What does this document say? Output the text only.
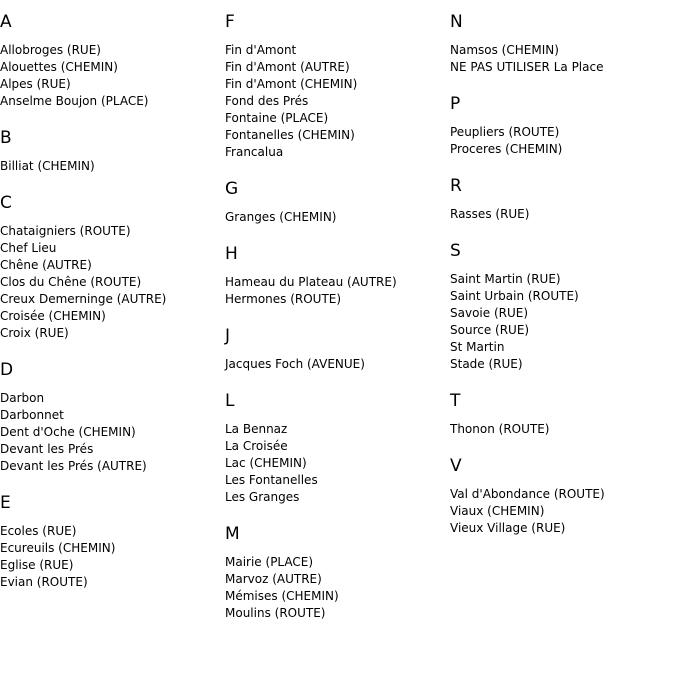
A
Allobroges (RUE)
Alouettes (CHEMIN)
Alpes (RUE)
Anselme Boujon (PLACE)
B
Billiat (CHEMIN)
C
Chataigniers (ROUTE)
Chef Lieu
Chêne (AUTRE)
Clos du Chêne (ROUTE)
Creux Demerninge (AUTRE)
Croisée (CHEMIN)
Croix (RUE)
D
Darbon
Darbonnet
Dent d'Oche (CHEMIN)
Devant les Prés
Devant les Prés (AUTRE)
E
Ecoles (RUE)
Ecureuils (CHEMIN)
Eglise (RUE)
Evian (ROUTE)
F
Fin d'Amont
Fin d'Amont (AUTRE)
Fin d'Amont (CHEMIN)
Fond des Prés
Fontaine (PLACE)
Fontanelles (CHEMIN)
Francalua
G
Granges (CHEMIN)
H
Hameau du Plateau (AUTRE)
Hermones (ROUTE)
J
Jacques Foch (AVENUE)
L
La Bennaz
La Croisée
Lac (CHEMIN)
Les Fontanelles
Les Granges
M
Mairie (PLACE)
Marvoz (AUTRE)
Mémises (CHEMIN)
Moulins (ROUTE)
N
Namsos (CHEMIN)
NE PAS UTILISER La Place
P
Peupliers (ROUTE)
Proceres (CHEMIN)
R
Rasses (RUE)
S
Saint Martin (RUE)
Saint Urbain (ROUTE)
Savoie (RUE)
Source (RUE)
St Martin
Stade (RUE)
T
Thonon (ROUTE)
V
Val d'Abondance (ROUTE)
Viaux (CHEMIN)
Vieux Village (RUE)
